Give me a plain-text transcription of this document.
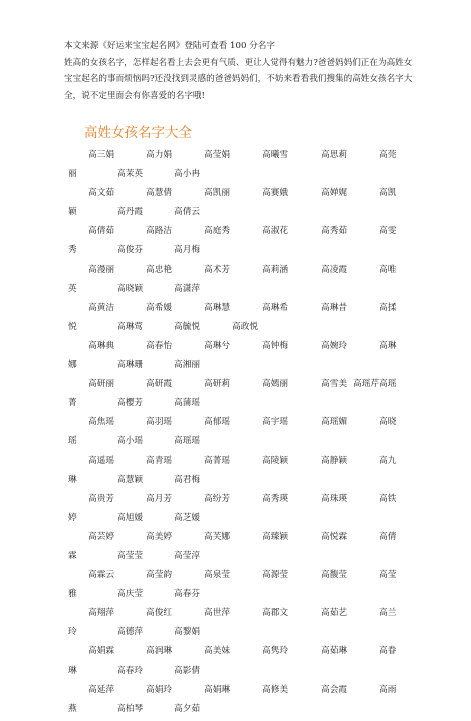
本文来源《好运来宝宝起名网》登陆可查看 100 分名字

姓高的女孩名字，怎样起名看上去会更有气质、更让人觉得有魅力?爸爸妈妈们正在为高姓女宝宝起名的事而烦恼吗?还没找到灵感的爸爸妈妈们，不妨来看看我们搜集的高姓女孩名字大全，说不定里面会有你喜爱的名字哦!

高姓女孩名字大全
高三娟	高力娟	高莹娟	高曦雪	高思莉	高莞
丽	高茉英	高小冉
高文茹	高慧倩	高凯丽	高赛娥	高婵娓	高凯
颖	高丹霞	高倩云
高倩茹	高路洁	高庭秀	高淑花	高秀茹	高雯
秀	高俊芬	高月梅
高漫丽	高忠艳	高术芳	高莉涵	高凌霞	高唯
英	高晓颖	高潇萍
高黄洁	高希媛	高琳慧	高琳希	高琳昔	高揉
悦	高琳莺	高毓悦	高政悦
高琳典	高春怡	高琳兮	高钟梅	高婉玲	高琳
娜	高琳珊	高湘丽
高研丽	高研霞	高研莉	高嫣丽	高雪美 高瑶芹 高瑶
菁	高樱芳	高蒲瑶
高焦瑶	高羽瑶	高郁瑶	高宇瑶	高瑶媚	高晓
瑶	高小瑶	高瑶瑶
高遥瑶	高青瑶	高菁瑶	高陵颖	高静颖	高九
琳	高慧颖	高君梅
高贵芳	高月芳	高纷芳	高秀瑛	高珠瑛	高铁
婷	高旭媛	高芝媛
高芸婷	高美婷	高芙娜	高臻颖	高悦霖	高倩
霖	高莹莹	高莹淳
高霖云	高莹韵	高泉莹	高源莹	高馥莹	高莹
雅	高庆莹	高春芬
高翔萍	高俊红	高世萍	高郡文	高茹艺	高兰
玲	高德萍	高黎娟
高娟霖	高润琳	高美妹	高隽玲	高茹琳	高眷
琳	高春玲	高影倩
高延萍	高娟玲	高娟琳	高修美	高会霞	高雨
燕	高柏琴	高夕茹
